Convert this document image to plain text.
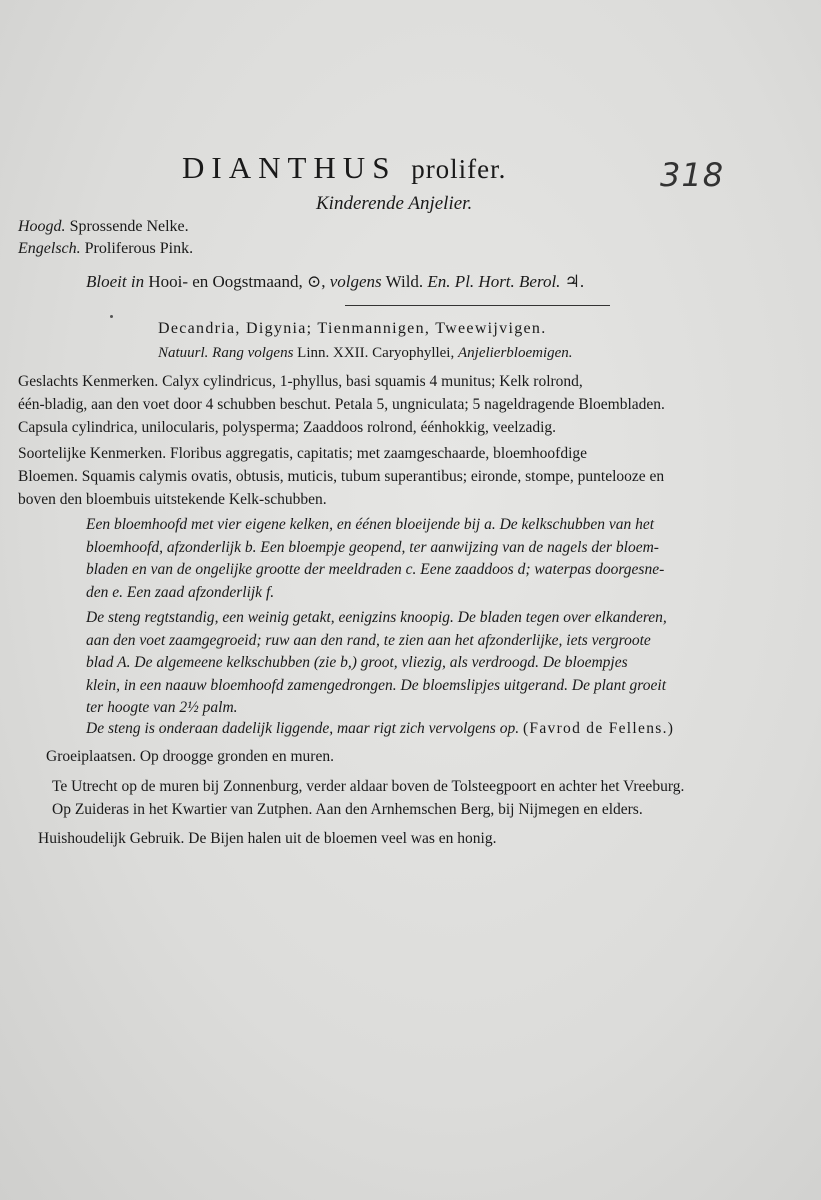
DIANTHUS prolifer.	318
Kinderende Anjelier.
Hoogd. Sprossende Nelke.
Engelsch. Proliferous Pink.
Bloeit in Hooi- en Oogstmaand, ⊙, volgens Wild. En. Pl. Hort. Berol. ♃.
Decandria, Digynia; Tienmannigen, Tweewijvigen.
Natuurl. Rang volgens Linn. XXII. Caryophyllei, Anjelierbloemigen.
Geslachts Kenmerken. Calyx cylindricus, 1-phyllus, basi squamis 4 munitus; Kelk rolrond,
één-bladig, aan den voet door 4 schubben beschut. Petala 5, ungniculata; 5 nageldragende Bloembladen.
Capsula cylindrica, unilocularis, polysperma; Zaaddoos rolrond, éénhokkig, veelzadig.
Soortelijke Kenmerken. Floribus aggregatis, capitatis; met zaamgeschaarde, bloemhoofdige
Bloemen. Squamis calymis ovatis, obtusis, muticis, tubum superantibus; eironde, stompe, puntelooze en
boven den bloembuis uitstekende Kelk-schubben.
Een bloemhoofd met vier eigene kelken, en éénen bloeijende bij a. De kelkschubben van het
bloemhoofd, afzonderlijk b. Een bloempje geopend, ter aanwijzing van de nagels der bloem-
bladen en van de ongelijke grootte der meeldraden c. Eene zaaddoos d; waterpas doorgesne-
den e. Een zaad afzonderlijk f.
De steng regtstandig, een weinig getakt, eenigzins knoopig. De bladen tegen over elkanderen,
aan den voet zaamgegroeid; ruw aan den rand, te zien aan het afzonderlijke, iets vergroote
blad A. De algemeene kelkschubben (zie b,) groot, vliezig, als verdroogd. De bloempjes
klein, in een naauw bloemhoofd zamengedrongen. De bloemslipjes uitgerand. De plant groeit
ter hoogte van 2½ palm.
De steng is onderaan dadelijk liggende, maar rigt zich vervolgens op. (Favrod de Fellens.)
Groeiplaatsen. Op droogge gronden en muren.
Te Utrecht op de muren bij Zonnenburg, verder aldaar boven de Tolsteegpoort en achter het Vreeburg.
Op Zuideras in het Kwartier van Zutphen. Aan den Arnhemschen Berg, bij Nijmegen en elders.
Huishoudelijk Gebruik. De Bijen halen uit de bloemen veel was en honig.
